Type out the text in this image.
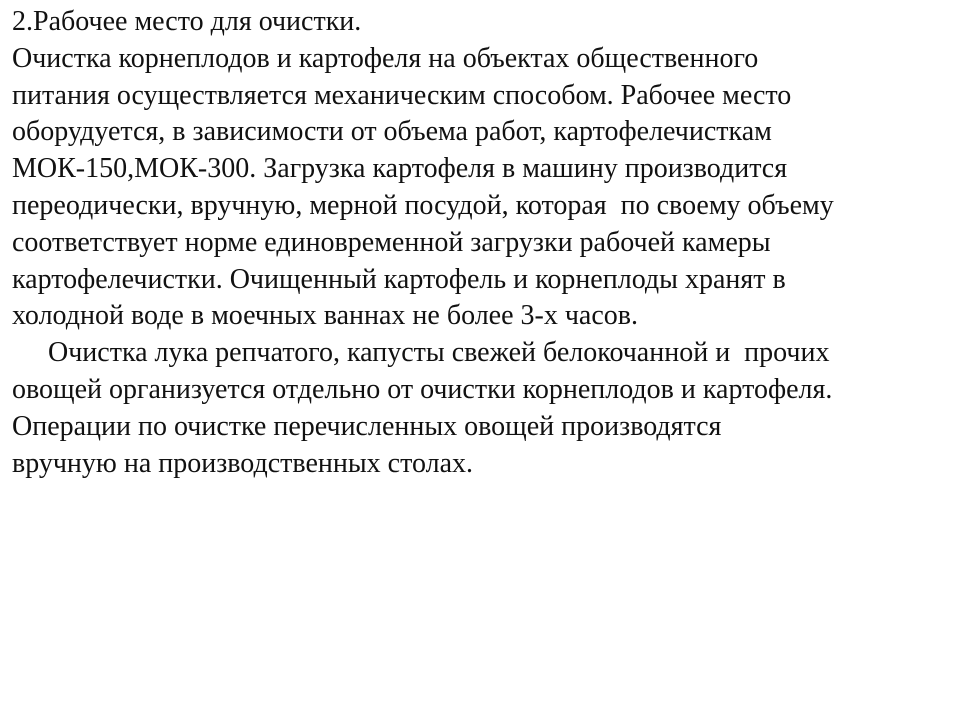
2.Рабочее место для очистки.
Очистка корнеплодов и картофеля на объектах общественного
питания осуществляется механическим способом. Рабочее место
оборудуется, в зависимости от объема работ, картофелечисткам
МОК-150,МОК-300. Загрузка картофеля в машину производится
переодически, вручную, мерной посудой, которая  по своему объему
соответствует норме единовременной загрузки рабочей камеры
картофелечистки. Очищенный картофель и корнеплоды хранят в
холодной воде в моечных ваннах не более 3-х часов.
Очистка лука репчатого, капусты свежей белокочанной и  прочих
овощей организуется отдельно от очистки корнеплодов и картофеля.
Операции по очистке перечисленных овощей производятся
вручную на производственных столах.
